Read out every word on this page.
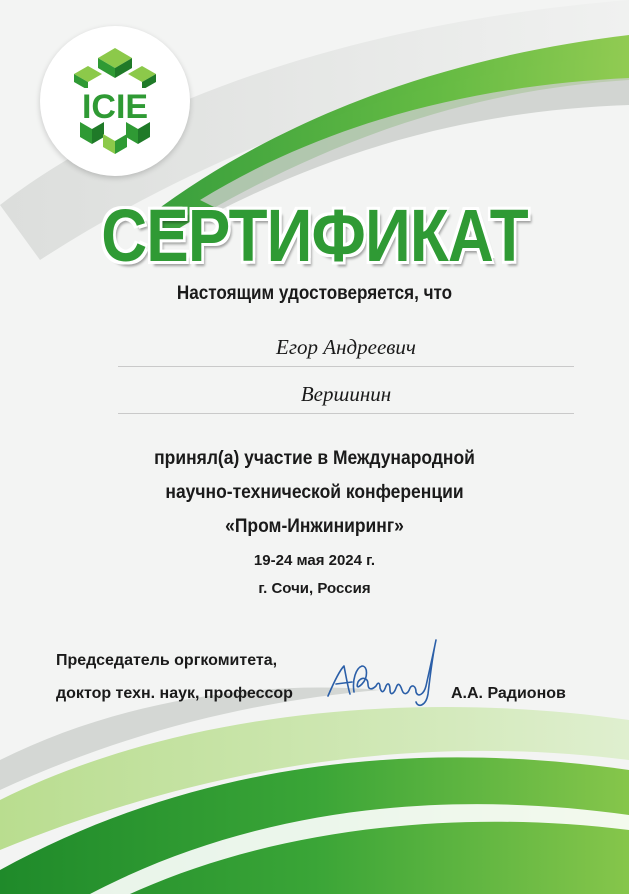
ICIE
СЕРТИФИКАТ
Настоящим удостоверяется, что
Егор Андреевич
Вершинин
принял(а) участие в Международной
научно-технической конференции
«Пром-Инжиниринг»
19-24 мая 2024 г.
г. Сочи, Россия
Председатель оргкомитета,
доктор техн. наук, профессор	А.А. Радионов
